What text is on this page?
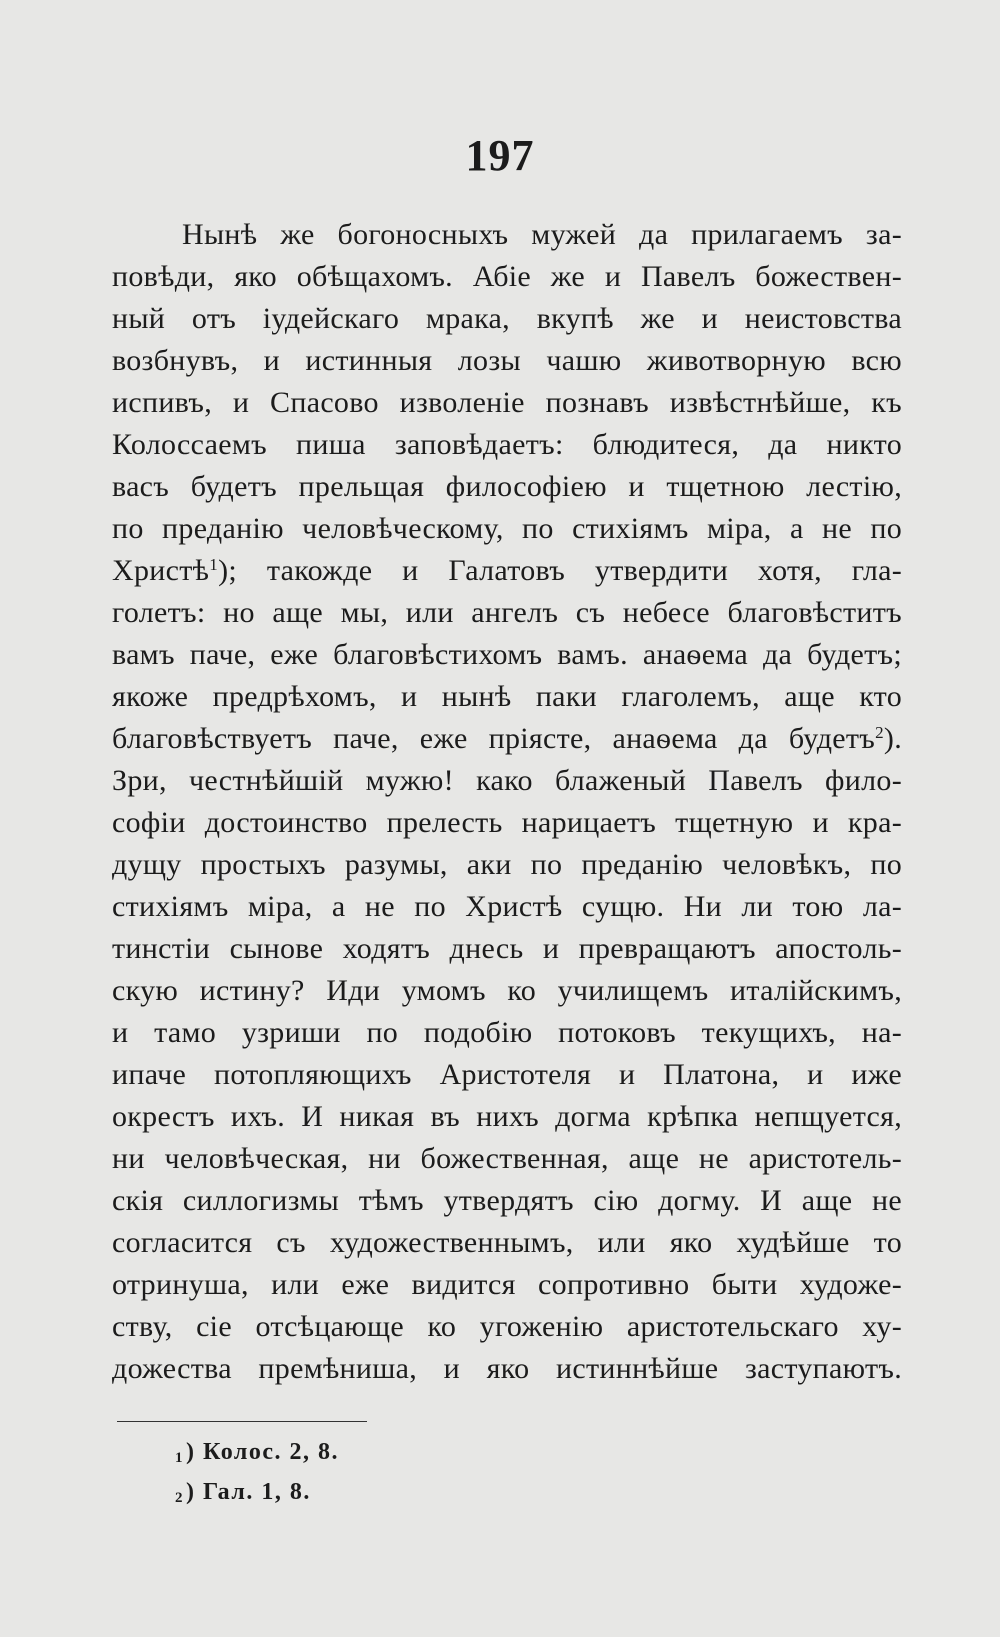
197
Нынѣ же богоносныхъ мужей да прилагаемъ за-
повѣди, яко обѣщахомъ. Абіе же и Павелъ божествен-
ный отъ іудейскаго мрака, вкупѣ же и неистовства
возбнувъ, и истинныя лозы чашю животворную всю
испивъ, и Спасово изволеніе познавъ извѣстнѣйше, къ
Колоссаемъ пиша заповѣдаетъ: блюдитеся, да никто
васъ будетъ прельщая философіею и тщетною лестію,
по преданію человѣческому, по стихіямъ міра, а не по
Христѣ$^1$); такожде и Галатовъ утвердити хотя, гла-
голетъ: но аще мы, или ангелъ съ небесе благовѣститъ
вамъ паче, еже благовѣстихомъ вамъ. анаѳема да будетъ;
якоже предрѣхомъ, и нынѣ паки глаголемъ, аще кто
благовѣствуетъ паче, еже пріясте, анаѳема да будетъ$^2$).
Зри, честнѣйшій мужю! како блаженый Павелъ фило-
софіи достоинство прелесть нарицаетъ тщетную и кра-
дущу простыхъ разумы, аки по преданію человѣкъ, по
стихіямъ міра, а не по Христѣ сущю. Ни ли тою ла-
тинстіи сынове ходятъ днесь и превращаютъ апостоль-
скую истину? Иди умомъ ко училищемъ италійскимъ,
и тамо узриши по подобію потоковъ текущихъ, на-
ипаче потопляющихъ Аристотеля и Платона, и иже
окрестъ ихъ. И никая въ нихъ догма крѣпка непщуется,
ни человѣческая, ни божественная, аще не аристотель-
скія силлогизмы тѣмъ утвердятъ сію догму. И аще не
согласится съ художественнымъ, или яко худѣйше то
отринуша, или еже видится сопротивно быти художе-
ству, сіе отсѣцающе ко угоженію аристотельскаго ху-
дожества премѣниша, и яко истиннѣйше заступаютъ.
$^1$) Колос. 2, 8.
$^2$) Гал. 1, 8.
